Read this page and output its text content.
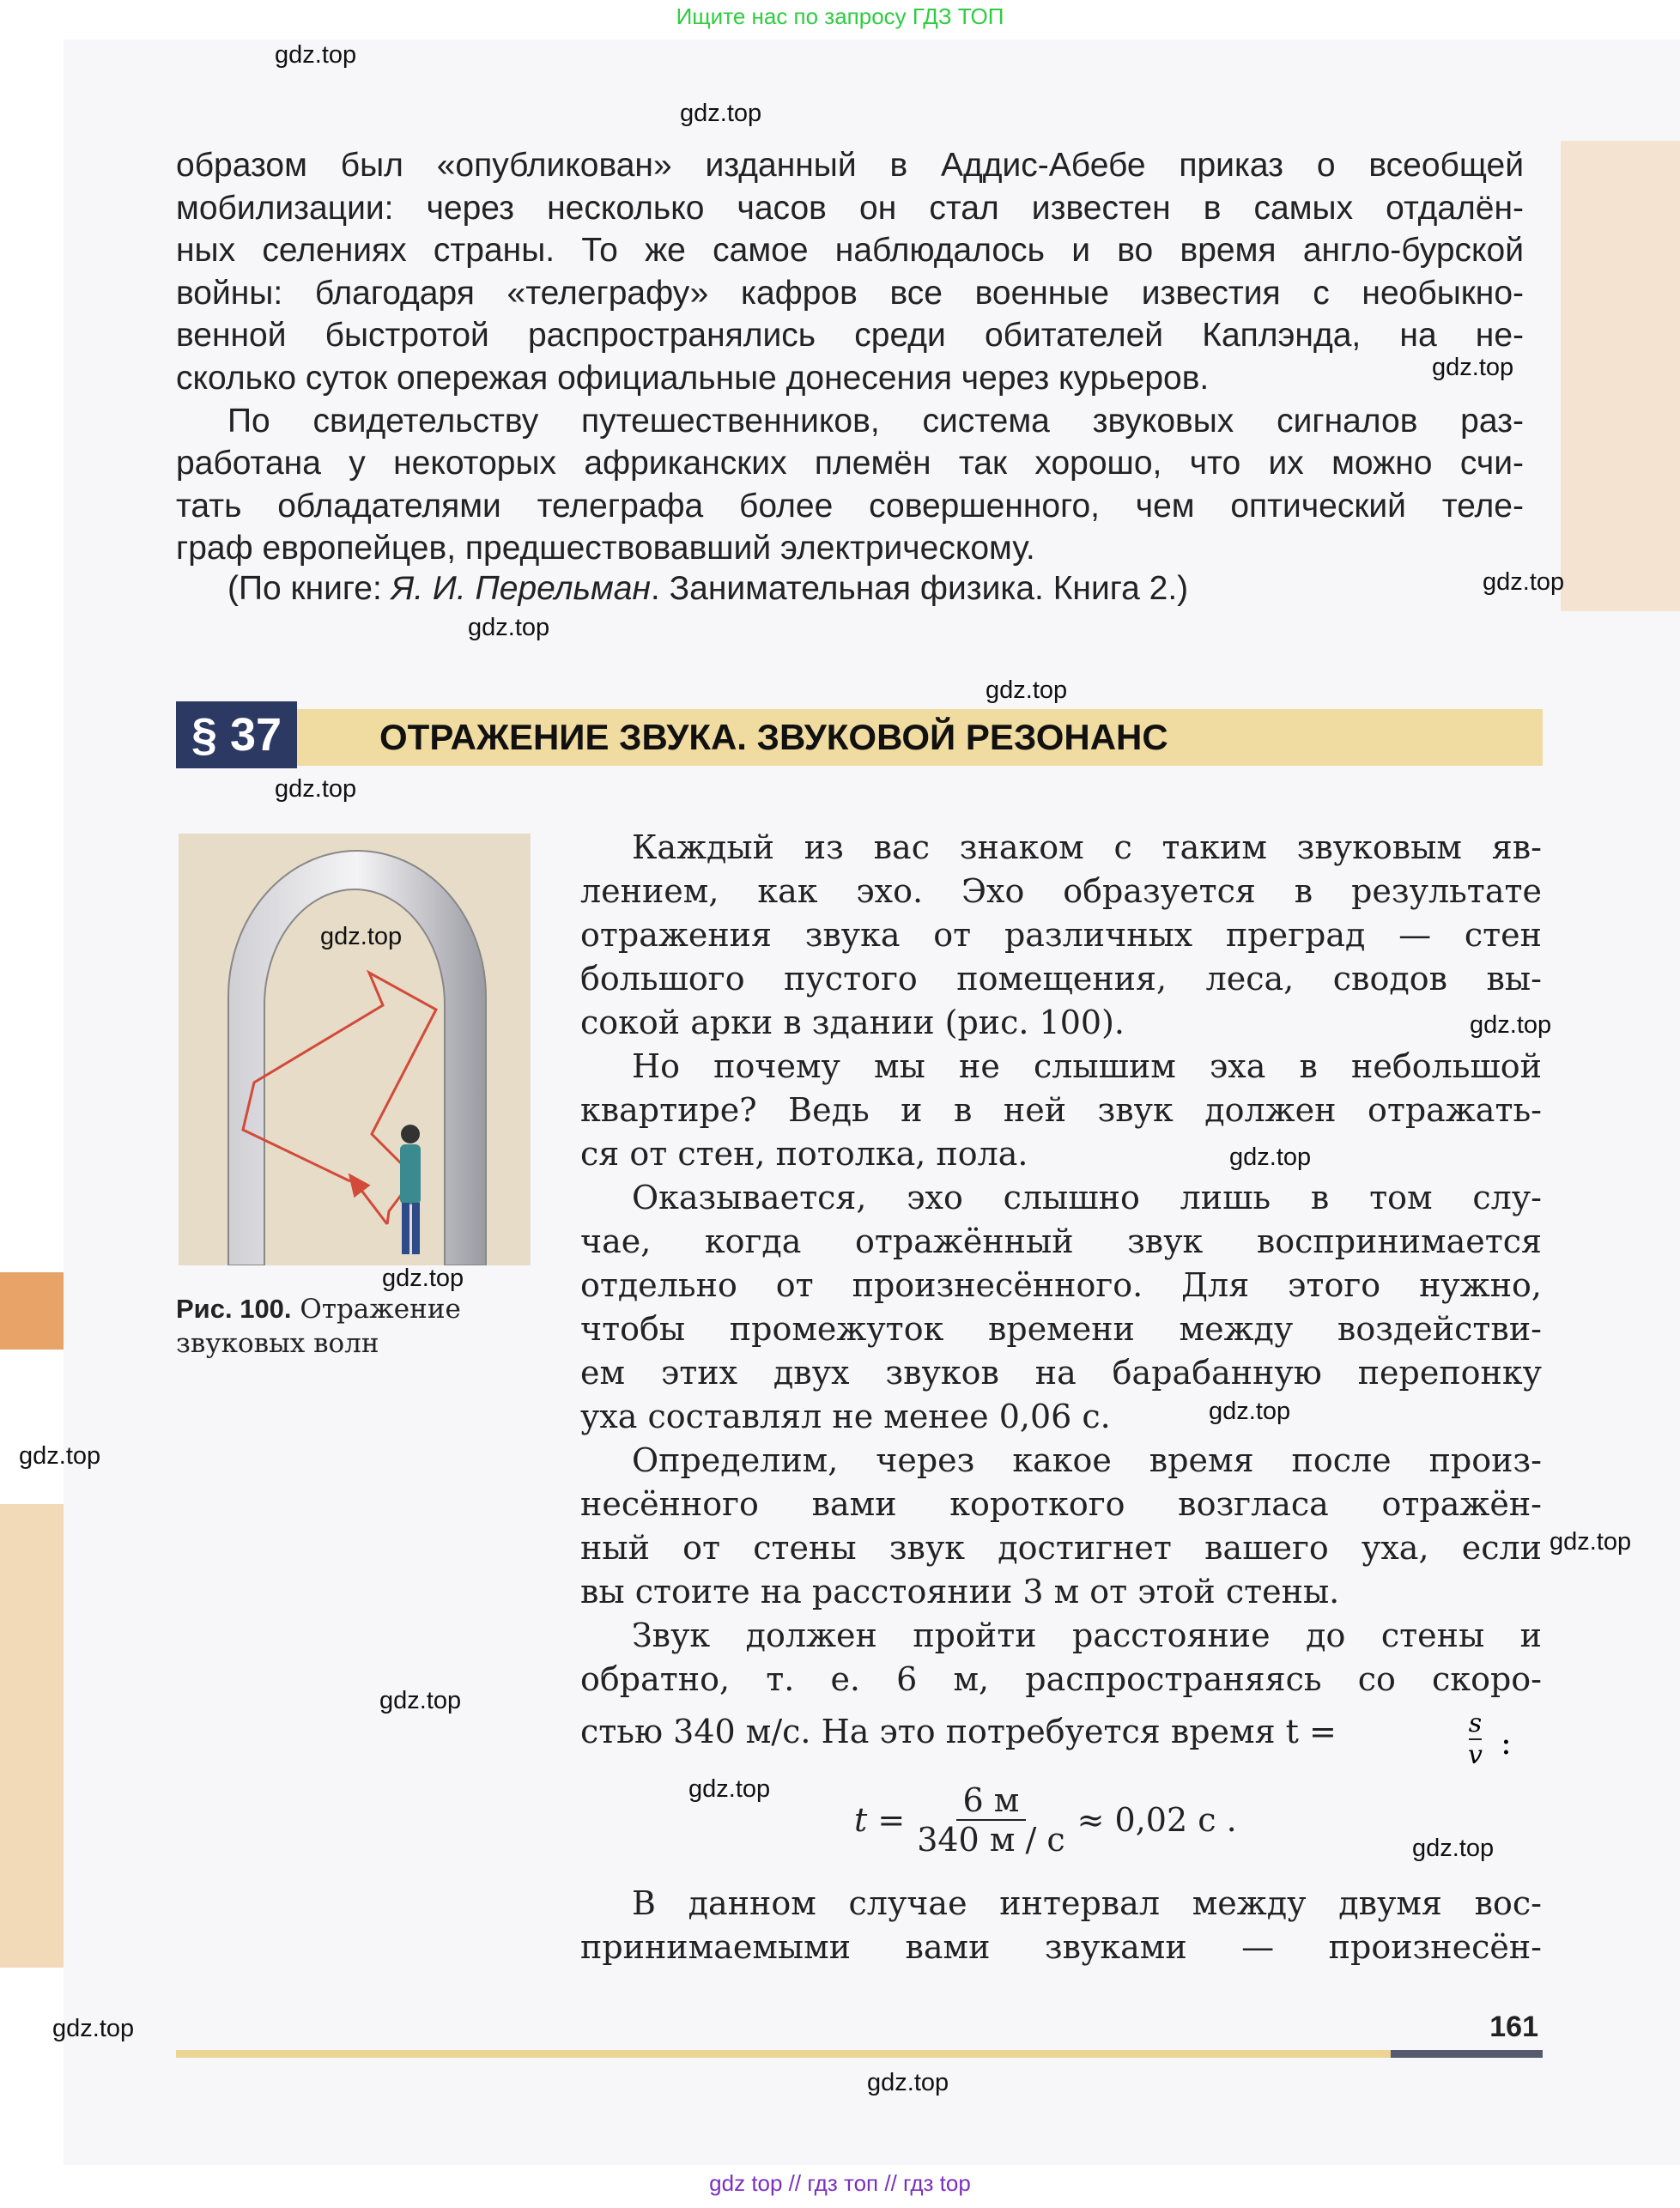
Ищите нас по запросу ГДЗ ТОП
образом был «опубликован» изданный в Аддис-Абебе приказ о всеобщей
мобилизации: через несколько часов он стал известен в самых отдалён-
ных селениях страны. То же самое наблюдалось и во время англо-бурской
войны: благодаря «телеграфу» кафров все военные известия с необыкно-
венной быстротой распространялись среди обитателей Каплэнда, на не-
сколько суток опережая официальные донесения через курьеров.
По свидетельству путешественников, система звуковых сигналов раз-
работана у некоторых африканских племён так хорошо, что их можно счи-
тать обладателями телеграфа более совершенного, чем оптический теле-
граф европейцев, предшествовавший электрическому.
(По книге: Я. И. Перельман. Занимательная физика. Книга 2.)
§ 37	ОТРАЖЕНИЕ ЗВУКА. ЗВУКОВОЙ РЕЗОНАНС
Рис. 100. Отражение
звуковых волн
Каждый из вас знаком с таким звуковым яв-
лением, как эхо. Эхо образуется в результате
отражения звука от различных преград — стен
большого пустого помещения, леса, сводов вы-
сокой арки в здании (рис. 100).
Но почему мы не слышим эха в небольшой
квартире? Ведь и в ней звук должен отражать-
ся от стен, потолка, пола.
Оказывается, эхо слышно лишь в том слу-
чае, когда отражённый звук воспринимается
отдельно от произнесённого. Для этого нужно,
чтобы промежуток времени между воздействи-
ем этих двух звуков на барабанную перепонку
уха составлял не менее 0,06 с.
Определим, через какое время после произ-
несённого вами короткого возгласа отражён-
ный от стены звук достигнет вашего уха, если
вы стоите на расстоянии 3 м от этой стены.
Звук должен пройти расстояние до стены и
обратно, т. е. 6 м, распространяясь со скоро-
стью 340 м/с. На это потребуется время t =	$\frac{s}{v}$ :
$t = \frac{6 м}{340 м / с} \approx 0,02$ с .
В данном случае интервал между двумя вос-
принимаемыми вами звуками — произнесён-
161
gdz top // гдз топ // гдз top
gdz.top
gdz.top
gdz.top
gdz.top
gdz.top
gdz.top
gdz.top
gdz.top
gdz.top
gdz.top
gdz.top
gdz.top
gdz.top
gdz.top
gdz.top
gdz.top
gdz.top
gdz.top
gdz.top
